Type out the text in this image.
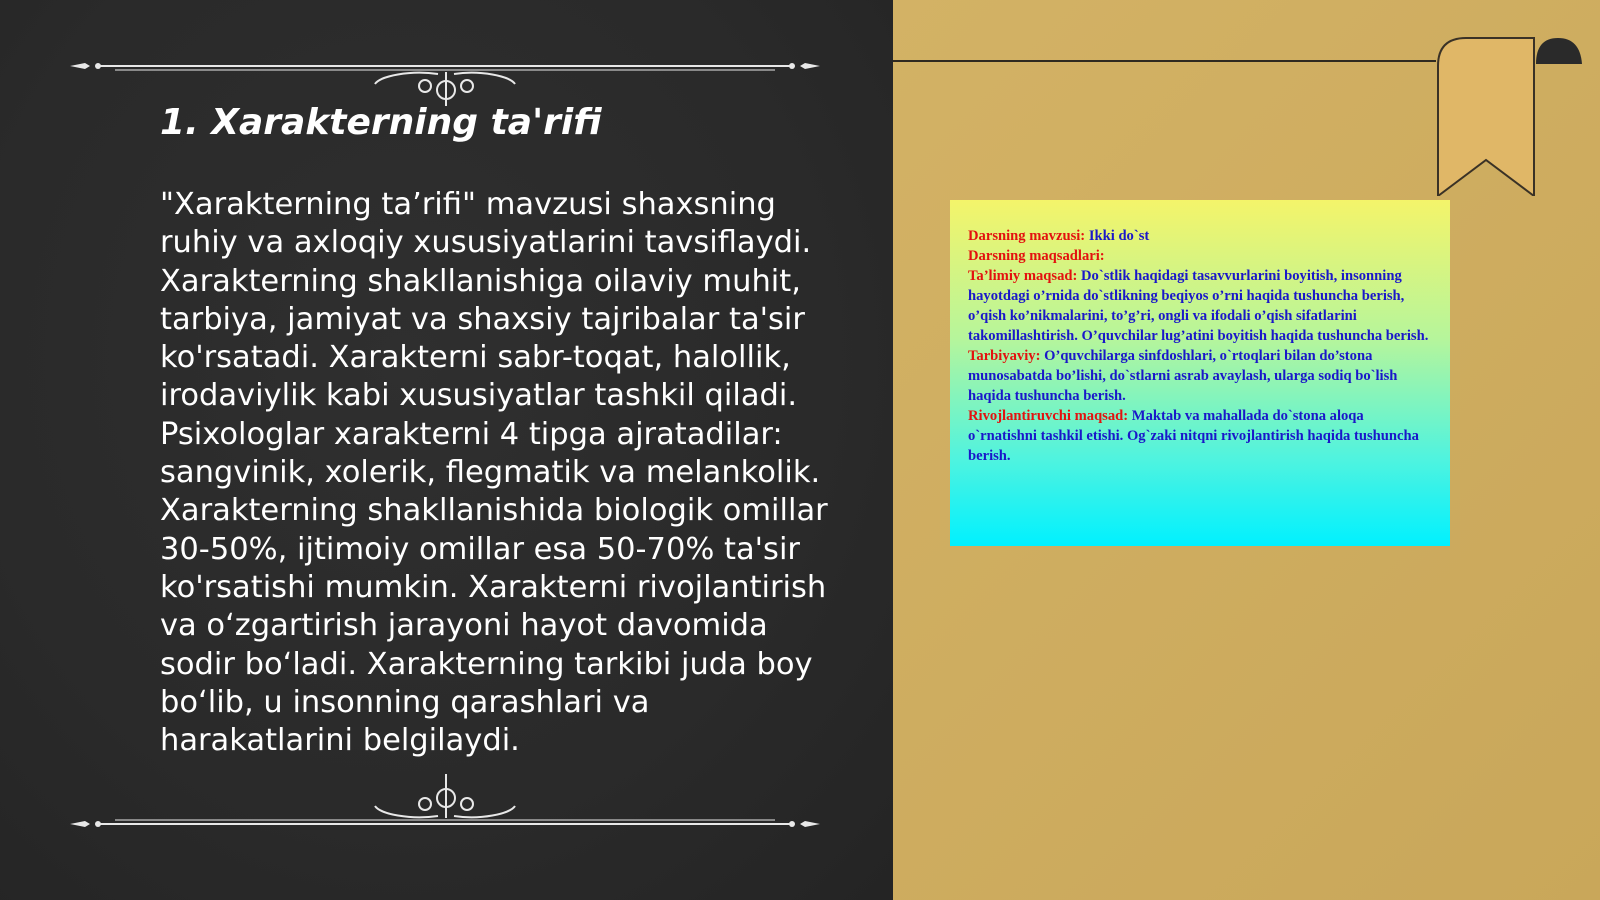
1. Xarakterning ta'rifi

"Xarakterning ta’rifi" mavzusi shaxsning ruhiy va axloqiy xususiyatlarini tavsiflaydi. Xarakterning shakllanishiga oilaviy muhit, tarbiya, jamiyat va shaxsiy tajribalar ta'sir ko'rsatadi. Xarakterni sabr-toqat, halollik, irodaviylik kabi xususiyatlar tashkil qiladi. Psixologlar xarakterni 4 tipga ajratadilar: sangvinik, xolerik, flegmatik va melankolik. Xarakterning shakllanishida biologik omillar 30-50%, ijtimoiy omillar esa 50-70% ta'sir ko'rsatishi mumkin. Xarakterni rivojlantirish va o‘zgartirish jarayoni hayot davomida sodir bo‘ladi. Xarakterning tarkibi juda boy bo‘lib, u insonning qarashlari va harakatlarini belgilaydi.

Darsning mavzusi: Ikki do`st

Darsning maqsadlari:

Ta’limiy maqsad: Do`stlik haqidagi tasavvurlarini boyitish, insonning hayotdagi o’rnida do`stlikning beqiyos o’rni haqida tushuncha berish, o’qish ko’nikmalarini, to’g’ri, ongli va ifodali o’qish sifatlarini takomillashtirish. O’quvchilar lug’atini boyitish haqida tushuncha berish.

Tarbiyaviy: O’quvchilarga sinfdoshlari, o`rtoqlari bilan do’stona munosabatda bo’lishi, do`stlarni asrab avaylash, ularga sodiq bo`lish haqida tushuncha berish.

Rivojlantiruvchi maqsad: Maktab va mahallada do`stona aloqa o`rnatishni tashkil etishi. Og`zaki nitqni rivojlantirish haqida tushuncha berish.
